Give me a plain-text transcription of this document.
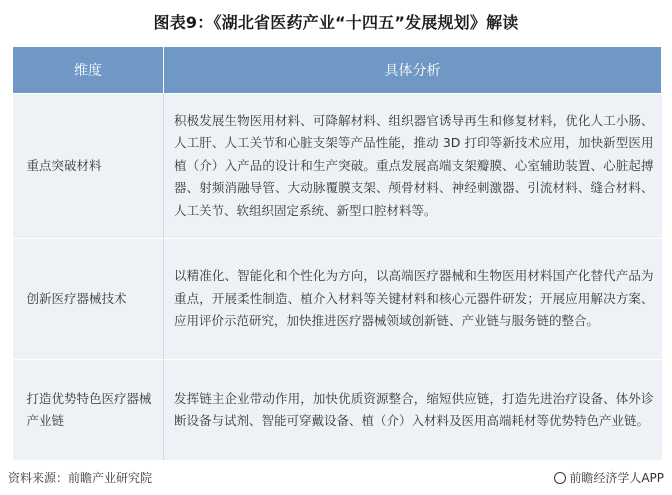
图表9：《湖北省医药产业“十四五”发展规划》解读
维度	具体分析
重点突破材料	积极发展生物医用材料、可降解材料、组织器官诱导再生和修复材料，优化人工小肠、人工肝、人工关节和心脏支架等产品性能，推动 3D 打印等新技术应用，加快新型医用植（介）入产品的设计和生产突破。重点发展高端支架瓣膜、心室辅助装置、心脏起搏器、射频消融导管、大动脉覆膜支架、颅骨材料、神经刺激器、引流材料、缝合材料、人工关节、软组织固定系统、新型口腔材料等。
创新医疗器械技术	以精准化、智能化和个性化为方向，以高端医疗器械和生物医用材料国产化替代产品为重点，开展柔性制造、植介入材料等关键材料和核心元器件研发；开展应用解决方案、应用评价示范研究，加快推进医疗器械领域创新链、产业链与服务链的整合。
打造优势特色医疗器械产业链	发挥链主企业带动作用，加快优质资源整合，缩短供应链，打造先进治疗设备、体外诊断设备与试剂、智能可穿戴设备、植（介）入材料及医用高端耗材等优势特色产业链。
资料来源：前瞻产业研究院	前瞻经济学人APP
